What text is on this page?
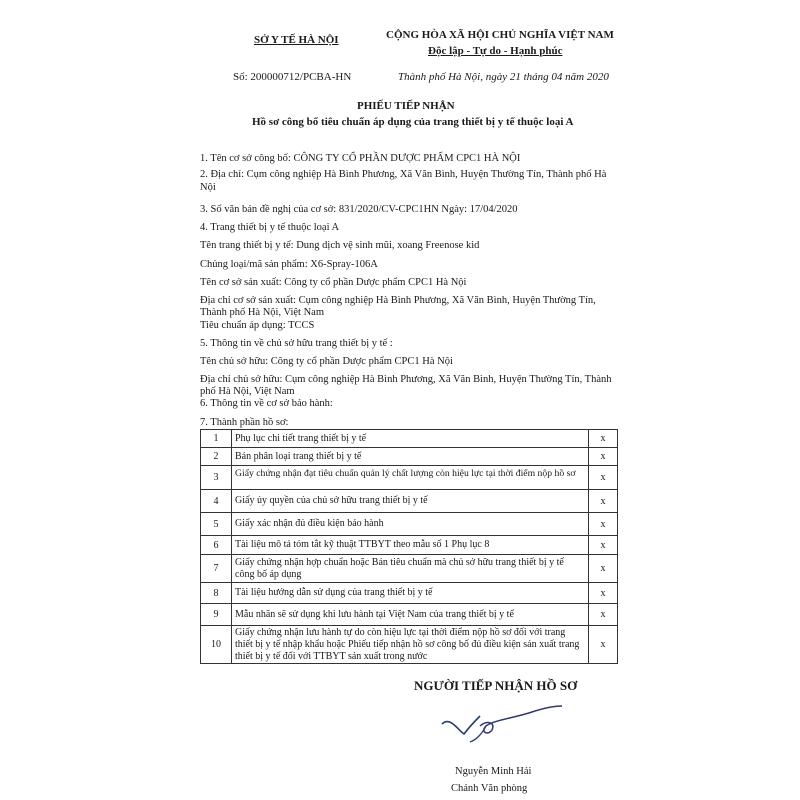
SỞ Y TẾ HÀ NỘI	CỘNG HÒA XÃ HỘI CHỦ NGHĨA VIỆT NAM
Độc lập - Tự do - Hạnh phúc
Số: 200000712/PCBA-HN	Thành phố Hà Nội, ngày 21 tháng 04 năm 2020
PHIẾU TIẾP NHẬN
Hồ sơ công bố tiêu chuẩn áp dụng của trang thiết bị y tế thuộc loại A
1. Tên cơ sở công bố: CÔNG TY CỔ PHẦN DƯỢC PHẨM CPC1 HÀ NỘI
2. Địa chỉ: Cụm công nghiệp Hà Bình Phương, Xã Văn Bình, Huyện Thường Tín, Thành phố Hà
Nội
3. Số văn bản đề nghị của cơ sở: 831/2020/CV-CPC1HN Ngày: 17/04/2020
4. Trang thiết bị y tế thuộc loại A
Tên trang thiết bị y tế: Dung dịch vệ sinh mũi, xoang Freenose kid
Chủng loại/mã sản phẩm: X6-Spray-106A
Tên cơ sở sản xuất: Công ty cổ phần Dược phẩm CPC1 Hà Nội
Địa chỉ cơ sở sản xuất: Cụm công nghiệp Hà Bình Phương, Xã Văn Bình, Huyện Thường Tín,
Thành phố Hà Nội, Việt Nam
Tiêu chuẩn áp dụng: TCCS
5. Thông tin về chủ sở hữu trang thiết bị y tế :
Tên chủ sở hữu: Công ty cổ phần Dược phẩm CPC1 Hà Nội
Địa chỉ chủ sở hữu: Cụm công nghiệp Hà Bình Phương, Xã Văn Bình, Huyện Thường Tín, Thành
phố Hà Nội, Việt Nam
6. Thông tin về cơ sở bảo hành:
7. Thành phần hồ sơ:
1	Phụ lục chi tiết trang thiết bị y tế	x
2	Bản phân loại trang thiết bị y tế	x
3	Giấy chứng nhận đạt tiêu chuẩn quản lý chất lượng còn hiệu lực tại thời điểm nộp hồ sơ	x
4	Giấy ủy quyền của chủ sở hữu trang thiết bị y tế	x
5	Giấy xác nhận đủ điều kiện bảo hành	x
6	Tài liệu mô tả tóm tắt kỹ thuật TTBYT theo mẫu số 1 Phụ lục 8	x
7	Giấy chứng nhận hợp chuẩn hoặc Bản tiêu chuẩn mà chủ sở hữu trang thiết bị y tế công bố áp dụng	x
8	Tài liệu hướng dẫn sử dụng của trang thiết bị y tế	x
9	Mẫu nhãn sẽ sử dụng khi lưu hành tại Việt Nam của trang thiết bị y tế	x
10	Giấy chứng nhận lưu hành tự do còn hiệu lực tại thời điểm nộp hồ sơ đối với trang thiết bị y tế nhập khẩu hoặc Phiếu tiếp nhận hồ sơ công bố đủ điều kiện sản xuất trang thiết bị y tế đối với TTBYT sản xuất trong nước	x
NGƯỜI TIẾP NHẬN HỒ SƠ
Nguyễn Minh Hải
Chánh Văn phòng
